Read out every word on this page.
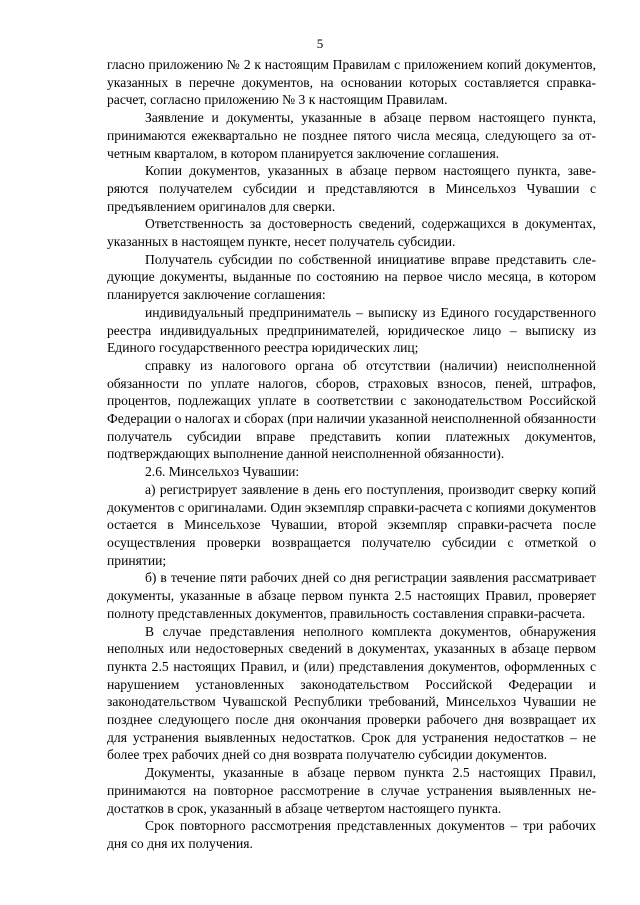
5

гласно приложению № 2 к настоящим Правилам с приложением копий документов, указанных в перечне документов, на основании которых составляется справка-расчет, согласно приложению № 3 к настоящим Правилам.

Заявление и документы, указанные в абзаце первом настоящего пункта, принимаются ежеквартально не позднее пятого числа месяца, следующего за отчетным кварталом, в котором планируется заключение соглашения.

Копии документов, указанных в абзаце первом настоящего пункта, заверяются получателем субсидии и представляются в Минсельхоз Чувашии с предъявлением оригиналов для сверки.

Ответственность за достоверность сведений, содержащихся в документах, указанных в настоящем пункте, несет получатель субсидии.

Получатель субсидии по собственной инициативе вправе представить следующие документы, выданные по состоянию на первое число месяца, в котором планируется заключение соглашения:

индивидуальный предприниматель – выписку из Единого государственного реестра индивидуальных предпринимателей, юридическое лицо – выписку из Единого государственного реестра юридических лиц;

справку из налогового органа об отсутствии (наличии) неисполненной обязанности по уплате налогов, сборов, страховых взносов, пеней, штрафов, процентов, подлежащих уплате в соответствии с законодательством Российской Федерации о налогах и сборах (при наличии указанной неисполненной обязанности получатель субсидии вправе представить копии платежных документов, подтверждающих выполнение данной неисполненной обязанности).

2.6. Минсельхоз Чувашии:

а) регистрирует заявление в день его поступления, производит сверку копий документов с оригиналами. Один экземпляр справки-расчета с копиями документов остается в Минсельхозе Чувашии, второй экземпляр справки-расчета после осуществления проверки возвращается получателю субсидии с отметкой о принятии;

б) в течение пяти рабочих дней со дня регистрации заявления рассматривает документы, указанные в абзаце первом пункта 2.5 настоящих Правил, проверяет полноту представленных документов, правильность составления справки-расчета.

В случае представления неполного комплекта документов, обнаружения неполных или недостоверных сведений в документах, указанных в абзаце первом пункта 2.5 настоящих Правил, и (или) представления документов, оформленных с нарушением установленных законодательством Российской Федерации и законодательством Чувашской Республики требований, Минсельхоз Чувашии не позднее следующего после дня окончания проверки рабочего дня возвращает их для устранения выявленных недостатков. Срок для устранения недостатков – не более трех рабочих дней со дня возврата получателю субсидии документов.

Документы, указанные в абзаце первом пункта 2.5 настоящих Правил, принимаются на повторное рассмотрение в случае устранения выявленных недостатков в срок, указанный в абзаце четвертом настоящего пункта.

Срок повторного рассмотрения представленных документов – три рабочих дня со дня их получения.
